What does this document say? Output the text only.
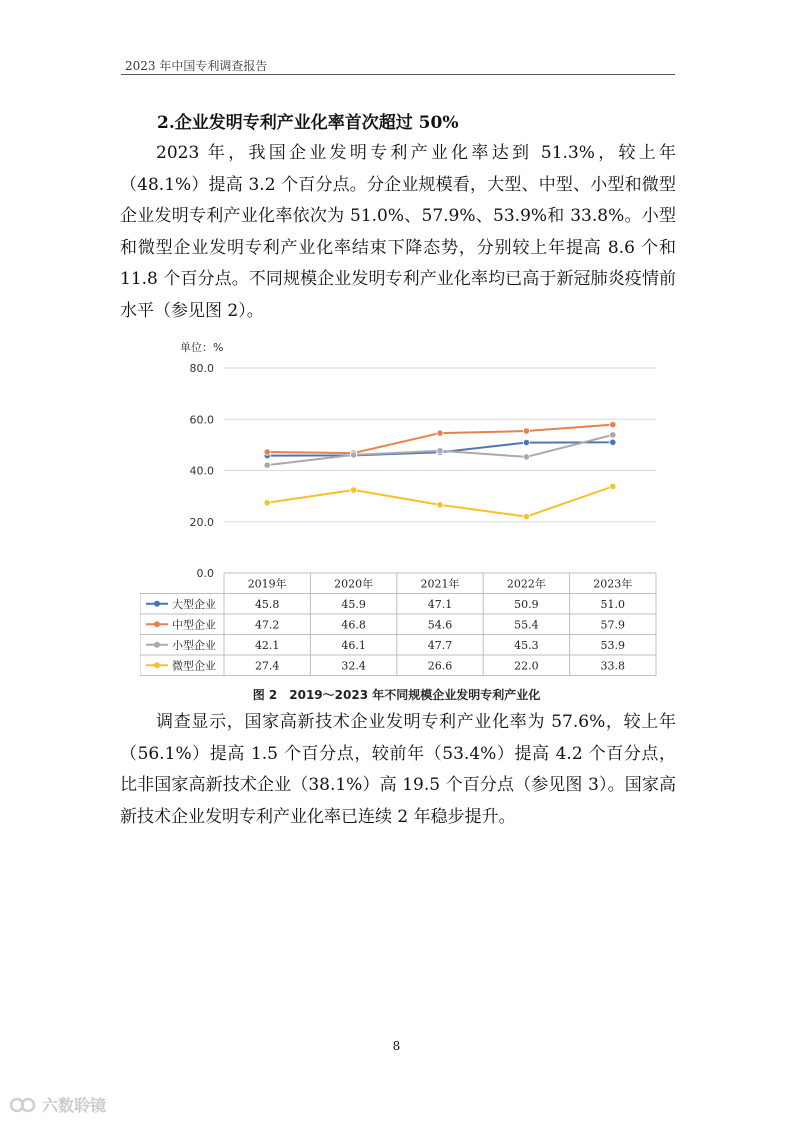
2023 年中国专利调查报告
2.企业发明专利产业化率首次超过 50%

2023 年，我国企业发明专利产业化率达到 51.3%，较上年（48.1%）提高 3.2 个百分点。分企业规模看，大型、中型、小型和微型企业发明专利产业化率依次为 51.0%、57.9%、53.9%和 33.8%。小型和微型企业发明专利产业化率结束下降态势，分别较上年提高 8.6 个和 11.8 个百分点。不同规模企业发明专利产业化率均已高于新冠肺炎疫情前水平（参见图 2）。

单位：%
0.0
20.0
40.0
60.0
80.0
2019年	2020年	2021年	2022年	2023年
大型企业	45.8	45.9	47.1	50.9	51.0
中型企业	47.2	46.8	54.6	55.4	57.9
小型企业	42.1	46.1	47.7	45.3	53.9
微型企业	27.4	32.4	26.6	22.0	33.8
图 2　2019～2023 年不同规模企业发明专利产业化

调查显示，国家高新技术企业发明专利产业化率为 57.6%，较上年（56.1%）提高 1.5 个百分点，较前年（53.4%）提高 4.2 个百分点，比非国家高新技术企业（38.1%）高 19.5 个百分点（参见图 3）。国家高新技术企业发明专利产业化率已连续 2 年稳步提升。

8
六数聆镜
